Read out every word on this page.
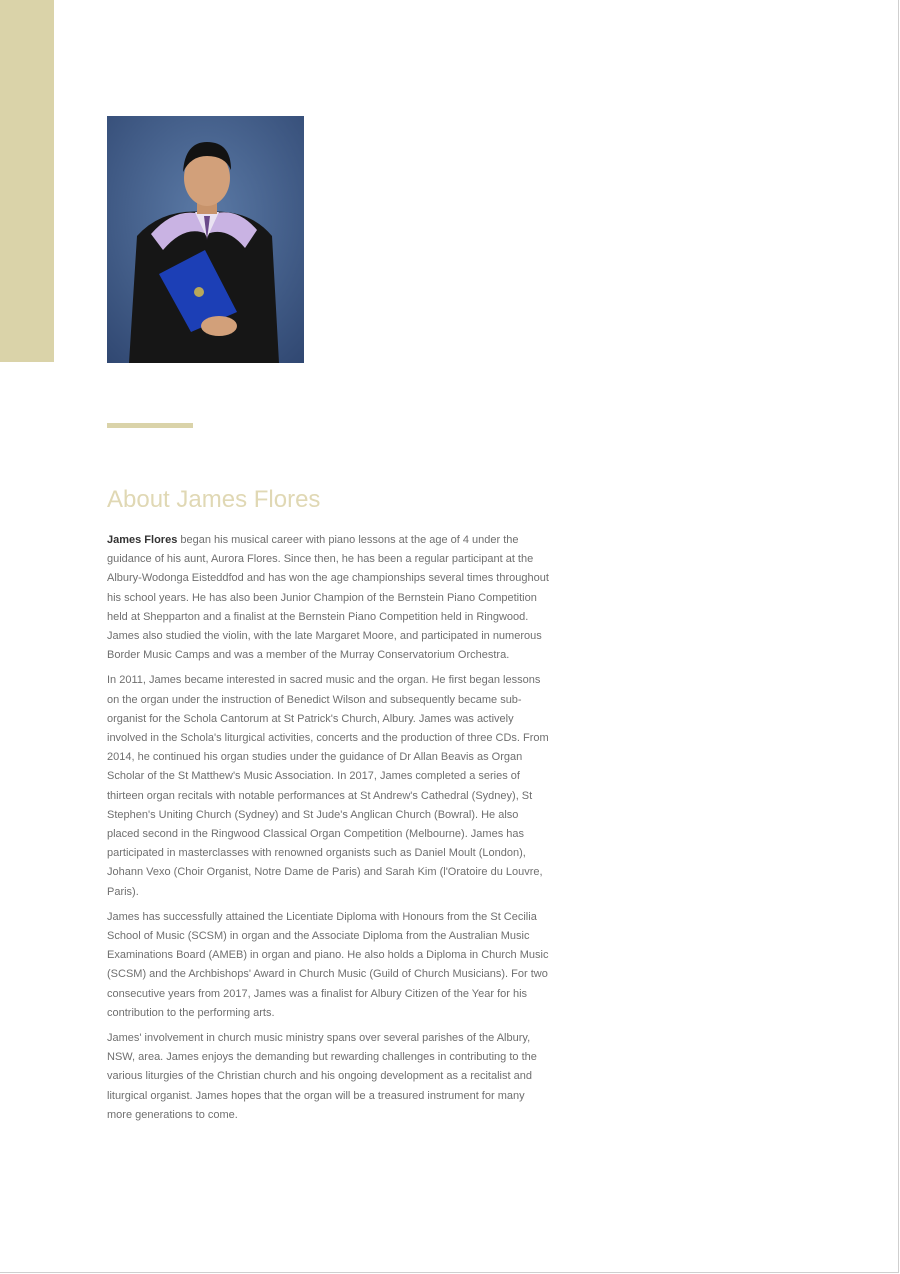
About James Flores

James Flores began his musical career with piano lessons at the age of 4 under the guidance of his aunt, Aurora Flores. Since then, he has been a regular participant at the Albury-Wodonga Eisteddfod and has won the age championships several times throughout his school years. He has also been Junior Champion of the Bernstein Piano Competition held at Shepparton and a finalist at the Bernstein Piano Competition held in Ringwood. James also studied the violin, with the late Margaret Moore, and participated in numerous Border Music Camps and was a member of the Murray Conservatorium Orchestra.

In 2011, James became interested in sacred music and the organ. He first began lessons on the organ under the instruction of Benedict Wilson and subsequently became sub-organist for the Schola Cantorum at St Patrick's Church, Albury. James was actively involved in the Schola's liturgical activities, concerts and the production of three CDs. From 2014, he continued his organ studies under the guidance of Dr Allan Beavis as Organ Scholar of the St Matthew's Music Association. In 2017, James completed a series of thirteen organ recitals with notable performances at St Andrew's Cathedral (Sydney), St Stephen's Uniting Church (Sydney) and St Jude's Anglican Church (Bowral). He also placed second in the Ringwood Classical Organ Competition (Melbourne). James has participated in masterclasses with renowned organists such as Daniel Moult (London), Johann Vexo (Choir Organist, Notre Dame de Paris) and Sarah Kim (l'Oratoire du Louvre, Paris).

James has successfully attained the Licentiate Diploma with Honours from the St Cecilia School of Music (SCSM) in organ and the Associate Diploma from the Australian Music Examinations Board (AMEB) in organ and piano. He also holds a Diploma in Church Music (SCSM) and the Archbishops' Award in Church Music (Guild of Church Musicians). For two consecutive years from 2017, James was a finalist for Albury Citizen of the Year for his contribution to the performing arts.

James' involvement in church music ministry spans over several parishes of the Albury, NSW, area. James enjoys the demanding but rewarding challenges in contributing to the various liturgies of the Christian church and his ongoing development as a recitalist and liturgical organist. James hopes that the organ will be a treasured instrument for many more generations to come.
